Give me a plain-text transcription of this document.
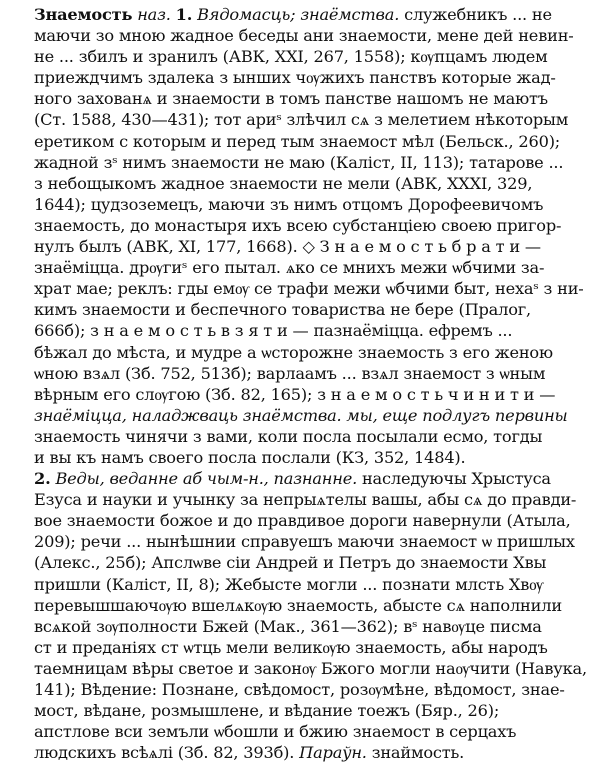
Знаемость наз. 1. Вядомасць; знаёмства. служебникъ ... не
маючи зо мною жадное беседы ани знаемости, мене дей невин-
не ... збилъ и зранилъ (АВК, XXI, 267, 1558); кѹпцамъ людем
приеждчимъ здалека з ынших чѹжихъ панствъ которые жад-
ного захованѧ и знаемости в томъ панстве нашомъ не маютъ
(Ст. 1588, 430—431); тот ариˢ злѣчил сѧ з мелетием нѣкоторым
еретиком с которым и перед тым знаемост мѣл (Бельск., 260);
жадной зˢ нимъ знаемости не маю (Каліст, II, 113); татарове ...
з небощыкомъ жадное знаемости не мели (АВК, XXXI, 329,
1644); цудзоземецъ, маючи зъ нимъ отцомъ Дорофеевичомъ
знаемость, до монастыря ихъ всею субстанціею своею пригор-
нулъ былъ (АВК, XI, 177, 1668). ◇ З н а е м о с т ь б р а т и —
знаёміцца. дрѹгиˢ его пытал. ѧко се мнихъ межи ѡбчими за-
храт мае; реклъ: гды емѹ се трафи межи ѡбчими быт, нехаˢ з ни-
кимъ знаемости и беспечного товариства не бере (Пралог,
666б); з н а е м о с т ь в з я т и — пазнаёміцца. ефремъ ...
бѣжал до мѣста, и мудре а ѡсторожне знаемость з его женою
ѡною взѧл (Зб. 752, 513б); варлаамъ ... взѧл знаемост з ѡным
вѣрным его слѹгою (Зб. 82, 165); з н а е м о с т ь ч и н и т и —
знаёміцца, наладжваць знаёмства. мы, еще подлугъ первины
знаемость чинячи з вами, коли посла посылали есмо, тогды
и вы къ намъ своего посла послали (КЗ, 352, 1484).
2. Веды, веданне аб чым-н., пазнанне. наследуючы Хрыстуса
Езуса и науки и учынку за непрыѧтелы вашы, абы сѧ до правди-
вое знаемости божое и до правдивое дороги навернули (Атыла,
209); речи ... нынѣшнии справуешъ маючи знаемост ѡ пришлых
(Алекс., 25б); Апслѡве сіи Андрей и Петръ до знаемости Хвы
пришли (Каліст, II, 8); Жебысте могли ... познати млсть Хвѹ
перевышшаючѹю вшелѧкѹю знаемость, абысте сѧ наполнили
всѧкой зѹполности Бжей (Мак., 361—362); вˢ навѹце писма
ст и преданіях ст ѡтць мели великѹю знаемость, абы народъ
таемницам вѣры светое и законѹ Бжого могли наѹчити (Навука,
141); Вѣдение: Познане, свѣдомост, розѹмѣне, вѣдомост, знае-
мост, вѣдане, розмышлене, и вѣдание тоежъ (Бяр., 26);
апстлове вси земъли ѡбошли и бжию знаемост в серцахъ
людскихъ всѣѧлі (Зб. 82, 393б). Параўн. знаймость.
